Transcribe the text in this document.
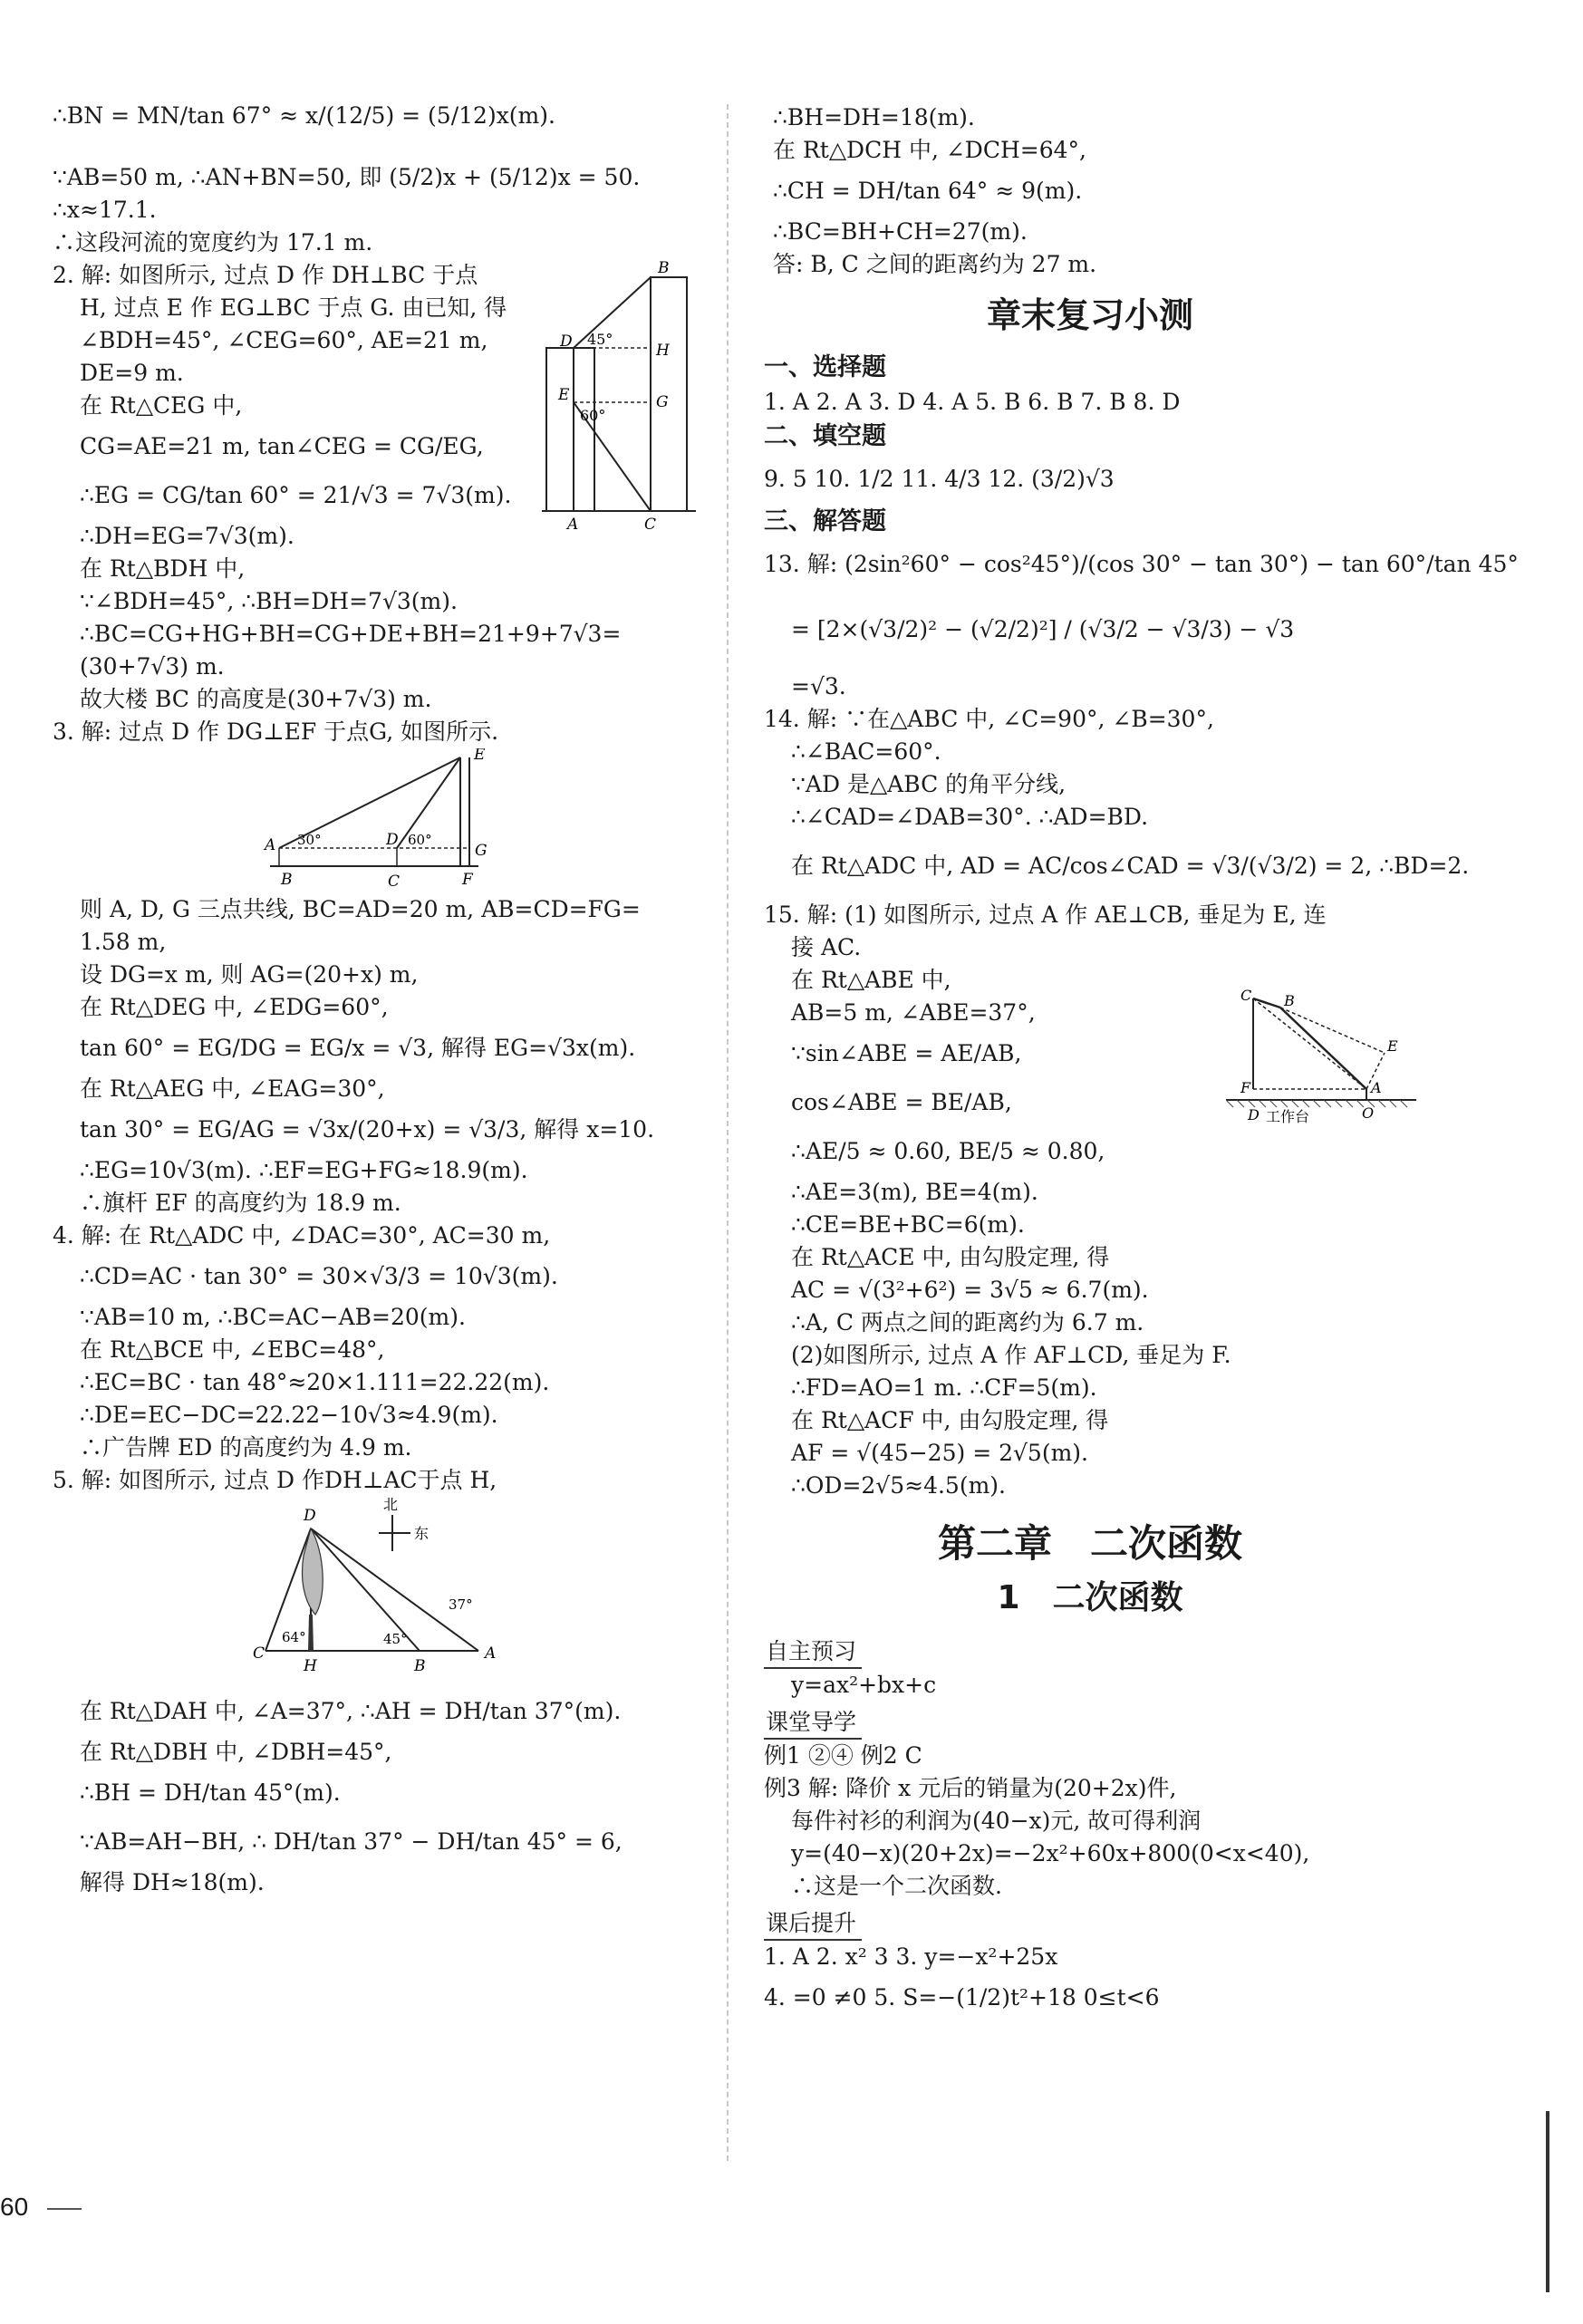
∴BN = MN/tan 67° ≈ x/(12/5) = (5/12)x(m).
∵AB=50 m, ∴AN+BN=50, 即 (5/2)x + (5/12)x = 50.
∴x≈17.1.
∴这段河流的宽度约为 17.1 m.
2. 解: 如图所示, 过点 D 作 DH⊥BC 于点
H, 过点 E 作 EG⊥BC 于点 G. 由已知, 得
∠BDH=45°, ∠CEG=60°, AE=21 m,
DE=9 m.
在 Rt△CEG 中,
CG=AE=21 m, tan∠CEG = CG/EG,
∴EG = CG/tan 60° = 21/√3 = 7√3(m).
∴DH=EG=7√3(m).
在 Rt△BDH 中,
∵∠BDH=45°, ∴BH=DH=7√3(m).
∴BC=CG+HG+BH=CG+DE+BH=21+9+7√3=
(30+7√3) m.
故大楼 BC 的高度是(30+7√3) m.
B
D 45°
H
E	G
60°
A	C
3. 解: 过点 D 作 DG⊥EF 于点G, 如图所示.
E
A 30°	D 60°
G
B	C	F
则 A, D, G 三点共线, BC=AD=20 m, AB=CD=FG=
1.58 m,
设 DG=x m, 则 AG=(20+x) m,
在 Rt△DEG 中, ∠EDG=60°,
tan 60° = EG/DG = EG/x = √3, 解得 EG=√3x(m).
在 Rt△AEG 中, ∠EAG=30°,
tan 30° = EG/AG = √3x/(20+x) = √3/3, 解得 x=10.
∴EG=10√3(m). ∴EF=EG+FG≈18.9(m).
∴旗杆 EF 的高度约为 18.9 m.
4. 解: 在 Rt△ADC 中, ∠DAC=30°, AC=30 m,
∴CD=AC · tan 30° = 30×√3/3 = 10√3(m).
∵AB=10 m, ∴BC=AC−AB=20(m).
在 Rt△BCE 中, ∠EBC=48°,
∴EC=BC · tan 48°≈20×1.111=22.22(m).
∴DE=EC−DC=22.22−10√3≈4.9(m).
∴广告牌 ED 的高度约为 4.9 m.
5. 解: 如图所示, 过点 D 作DH⊥AC于点 H,
D
北
东
C
64°	45°
37°
A
B
H
在 Rt△DAH 中, ∠A=37°, ∴AH = DH/tan 37°(m).
在 Rt△DBH 中, ∠DBH=45°,
∴BH = DH/tan 45°(m).
∵AB=AH−BH, ∴ DH/tan 37° − DH/tan 45° = 6,
解得 DH≈18(m).
∴BH=DH=18(m).
在 Rt△DCH 中, ∠DCH=64°,
∴CH = DH/tan 64° ≈ 9(m).
∴BC=BH+CH=27(m).
答: B, C 之间的距离约为 27 m.
章末复习小测
一、选择题
1. A 2. A 3. D 4. A 5. B 6. B 7. B 8. D
二、填空题
9. 5 10. 1/2 11. 4/3 12. (3/2)√3
三、解答题
13. 解: (2sin²60° − cos²45°)/(cos 30° − tan 30°) − tan 60°/tan 45°
= [2×(√3/2)² − (√2/2)²] / (√3/2 − √3/3) − √3
=√3.
14. 解: ∵在△ABC 中, ∠C=90°, ∠B=30°,
∴∠BAC=60°.
∵AD 是△ABC 的角平分线,
∴∠CAD=∠DAB=30°. ∴AD=BD.
在 Rt△ADC 中, AD = AC/cos∠CAD = √3/(√3/2) = 2, ∴BD=2.
15. 解: (1) 如图所示, 过点 A 作 AE⊥CB, 垂足为 E, 连
接 AC.
在 Rt△ABE 中,
AB=5 m, ∠ABE=37°,
∵sin∠ABE = AE/AB,
cos∠ABE = BE/AB,
∴AE/5 ≈ 0.60, BE/5 ≈ 0.80,
∴AE=3(m), BE=4(m).
∴CE=BE+BC=6(m).
在 Rt△ACE 中, 由勾股定理, 得
AC = √(3²+6²) = 3√5 ≈ 6.7(m).
∴A, C 两点之间的距离约为 6.7 m.
(2)如图所示, 过点 A 作 AF⊥CD, 垂足为 F.
∴FD=AO=1 m. ∴CF=5(m).
在 Rt△ACF 中, 由勾股定理, 得
AF = √(45−25) = 2√5(m).
∴OD=2√5≈4.5(m).
C B
E
F	A
D 工作台	O
第二章　二次函数
1　二次函数
自主预习
y=ax²+bx+c
课堂导学
例1 ②④ 例2 C
例3 解: 降价 x 元后的销量为(20+2x)件,
每件衬衫的利润为(40−x)元, 故可得利润
y=(40−x)(20+2x)=−2x²+60x+800(0<x<40),
∴这是一个二次函数.
课后提升
1. A 2. x² 3 3. y=−x²+25x
4. =0 ≠0 5. S=−(1/2)t²+18 0≤t<6
60
